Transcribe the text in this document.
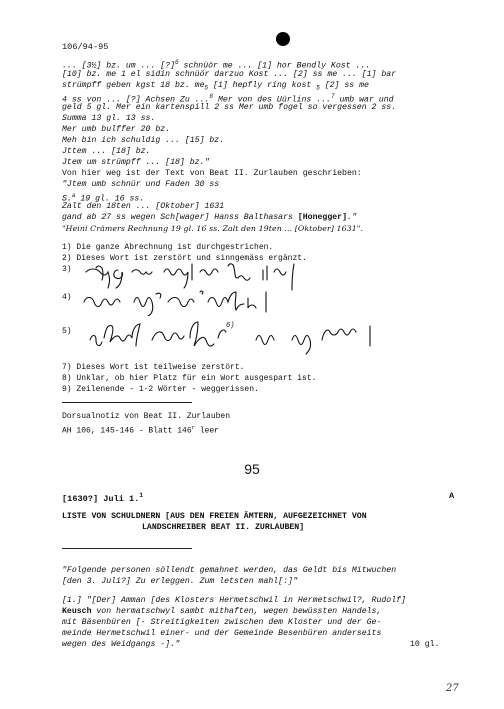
106/94-95
... [3½] bz. um ... [?]$^6$ schnüör me ... [1] hor Bendly Kost ...
[10] bz. me 1 el sidin schnüör darzuo Kost ... [2] ss me ... [1] bar
strümpff geben kgst 18 bz. $me_5$ [1] hepfly ring kost $_5$ [2] ss me
4 ss von ... [?] Achsen Zu ...$^8$ Mer von des Uürlins ...$^7$ umb war und
geld 5 gl. Mer ein kartenspill 2 ss Mer umb fogel so vergessen 2 ss.
Summa 13 gl. 13 ss.
Mer umb bulffer 20 bz.
Meh bin ich schuldig ... [15] bz.
Jttem ... [18] bz.
Jtem um strümpff ... [18] bz."
Von hier weg ist der Text von Beat II. Zurlauben geschrieben:
"Jtem umb schnür und Faden 30 ss
S.$^a$ 19 gl. 16 ss.
Zalt den 18ten ... [Oktober] 1631
gand ab 27 ss wegen Sch[wager] Hanss Balthasars [Honegger]."
"Heini Crämers Rechnung 19 gl. 16 ss. Zalt den 19ten ... [Oktober] 1631".
1) Die ganze Abrechnung ist durchgestrichen.
2) Dieses Wort ist zerstört und sinngemäss ergänzt.
3)
4)
5)
6)
7) Dieses Wort ist teilweise zerstört.
8) Unklar, ob hier Platz für ein Wort ausgespart ist.
9) Zeilenende - 1-2 Wörter - weggerissen.
Dorsualnotiz von Beat II. Zurlauben
AH 106, 145-146 - Blatt 146$^r$ leer
95
[1630?] Juli 1.$^1$	A
LISTE VON SCHULDNERN [AUS DEN FREIEN ÄMTERN, AUFGEZEICHNET VON
LANDSCHREIBER BEAT II. ZURLAUBEN]
"Folgende personen söllendt gemahnet werden, das Geldt bis Mitwuchen
[den 3. Juli?] Zu erleggen. Zum letsten mahl[:]"
[1.] "[Der] Amman [des Klosters Hermetschwil in Hermetschwil?, Rudolf]
Keusch von hermatschwyl sambt mithaften, wegen bewüssten Handels,
mit Bäsenbüren [- Streitigkeiten zwischen dem Kloster und der Ge-
meinde Hermetschwil einer- und der Gemeinde Besenbüren anderseits
wegen des Weidgangs -]."	10 gl.
27
